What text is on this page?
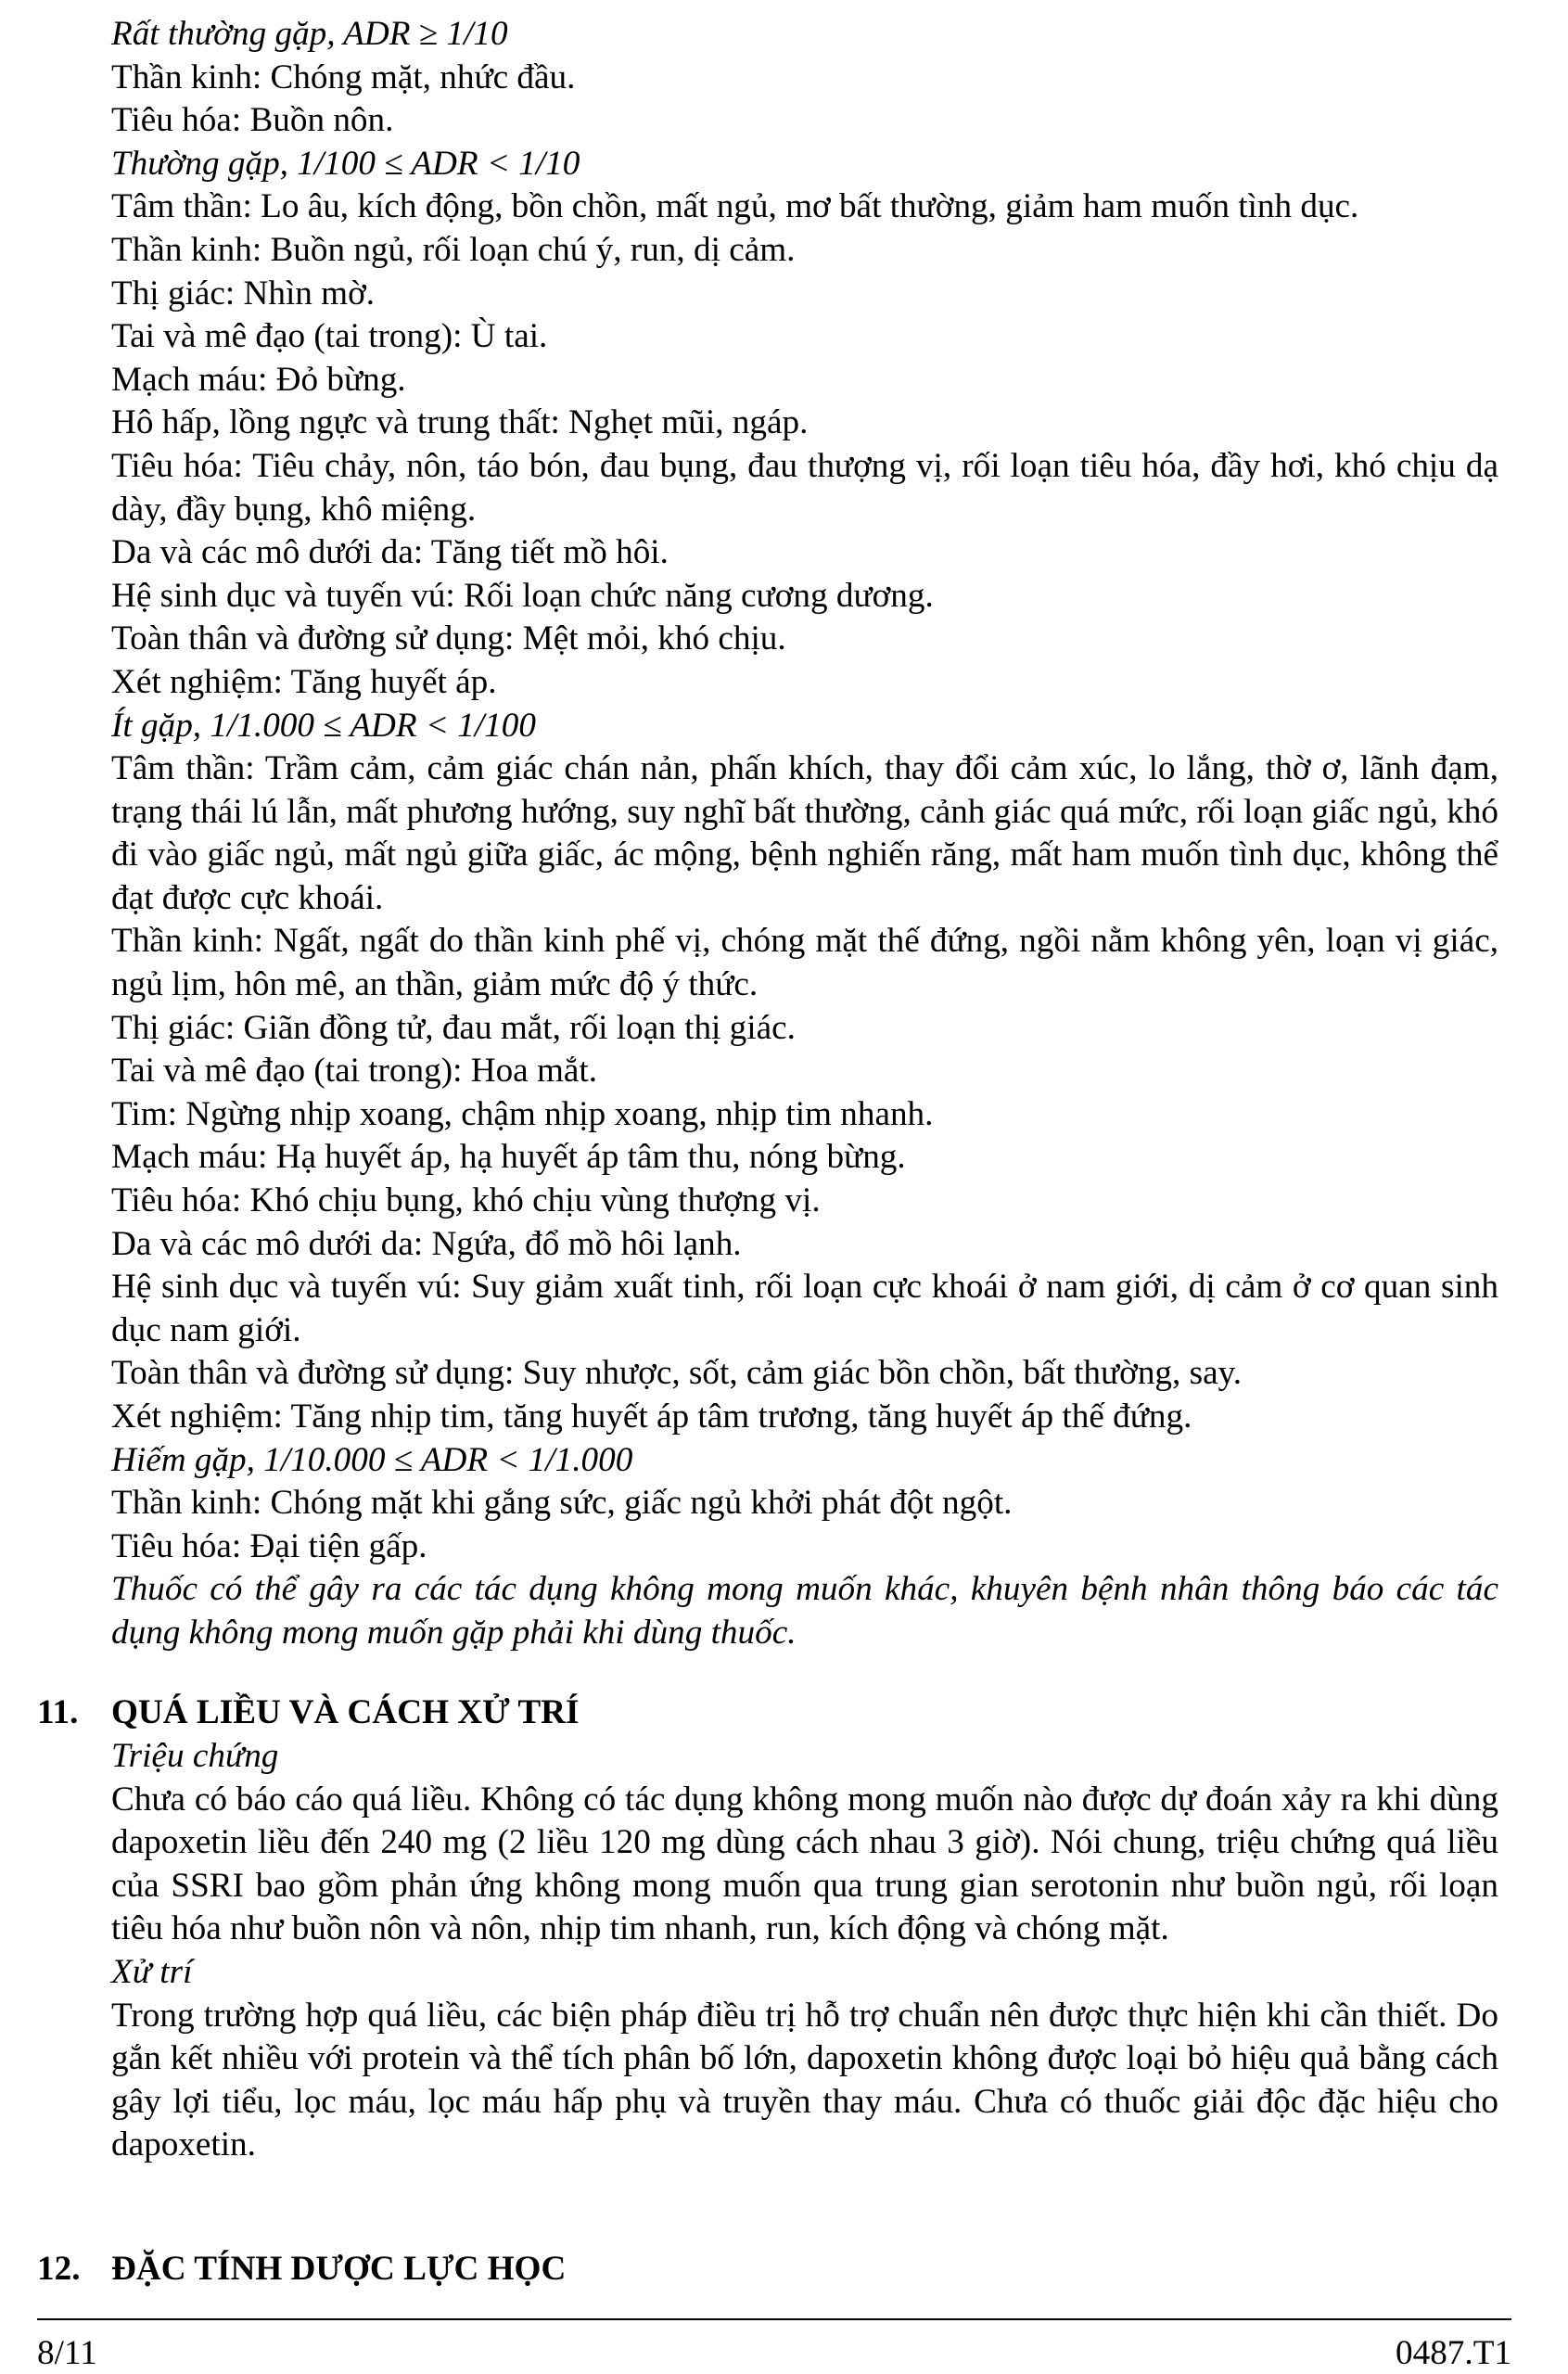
Rất thường gặp, ADR ≥ 1/10

Thần kinh: Chóng mặt, nhức đầu.

Tiêu hóa: Buồn nôn.

Thường gặp, 1/100 ≤ ADR < 1/10

Tâm thần: Lo âu, kích động, bồn chồn, mất ngủ, mơ bất thường, giảm ham muốn tình dục.

Thần kinh: Buồn ngủ, rối loạn chú ý, run, dị cảm.

Thị giác: Nhìn mờ.

Tai và mê đạo (tai trong): Ù tai.

Mạch máu: Đỏ bừng.

Hô hấp, lồng ngực và trung thất: Nghẹt mũi, ngáp.

Tiêu hóa: Tiêu chảy, nôn, táo bón, đau bụng, đau thượng vị, rối loạn tiêu hóa, đầy hơi, khó chịu dạ dày, đầy bụng, khô miệng.

Da và các mô dưới da: Tăng tiết mồ hôi.

Hệ sinh dục và tuyến vú: Rối loạn chức năng cương dương.

Toàn thân và đường sử dụng: Mệt mỏi, khó chịu.

Xét nghiệm: Tăng huyết áp.

Ít gặp, 1/1.000 ≤ ADR < 1/100

Tâm thần: Trầm cảm, cảm giác chán nản, phấn khích, thay đổi cảm xúc, lo lắng, thờ ơ, lãnh đạm, trạng thái lú lẫn, mất phương hướng, suy nghĩ bất thường, cảnh giác quá mức, rối loạn giấc ngủ, khó đi vào giấc ngủ, mất ngủ giữa giấc, ác mộng, bệnh nghiến răng, mất ham muốn tình dục, không thể đạt được cực khoái.

Thần kinh: Ngất, ngất do thần kinh phế vị, chóng mặt thế đứng, ngồi nằm không yên, loạn vị giác, ngủ lịm, hôn mê, an thần, giảm mức độ ý thức.

Thị giác: Giãn đồng tử, đau mắt, rối loạn thị giác.

Tai và mê đạo (tai trong): Hoa mắt.

Tim: Ngừng nhịp xoang, chậm nhịp xoang, nhịp tim nhanh.

Mạch máu: Hạ huyết áp, hạ huyết áp tâm thu, nóng bừng.

Tiêu hóa: Khó chịu bụng, khó chịu vùng thượng vị.

Da và các mô dưới da: Ngứa, đổ mồ hôi lạnh.

Hệ sinh dục và tuyến vú: Suy giảm xuất tinh, rối loạn cực khoái ở nam giới, dị cảm ở cơ quan sinh dục nam giới.

Toàn thân và đường sử dụng: Suy nhược, sốt, cảm giác bồn chồn, bất thường, say.

Xét nghiệm: Tăng nhịp tim, tăng huyết áp tâm trương, tăng huyết áp thế đứng.

Hiếm gặp, 1/10.000 ≤ ADR < 1/1.000

Thần kinh: Chóng mặt khi gắng sức, giấc ngủ khởi phát đột ngột.

Tiêu hóa: Đại tiện gấp.

Thuốc có thể gây ra các tác dụng không mong muốn khác, khuyên bệnh nhân thông báo các tác dụng không mong muốn gặp phải khi dùng thuốc.

11. QUÁ LIỀU VÀ CÁCH XỬ TRÍ

Triệu chứng

Chưa có báo cáo quá liều. Không có tác dụng không mong muốn nào được dự đoán xảy ra khi dùng dapoxetin liều đến 240 mg (2 liều 120 mg dùng cách nhau 3 giờ). Nói chung, triệu chứng quá liều của SSRI bao gồm phản ứng không mong muốn qua trung gian serotonin như buồn ngủ, rối loạn tiêu hóa như buồn nôn và nôn, nhịp tim nhanh, run, kích động và chóng mặt.

Xử trí

Trong trường hợp quá liều, các biện pháp điều trị hỗ trợ chuẩn nên được thực hiện khi cần thiết. Do gắn kết nhiều với protein và thể tích phân bố lớn, dapoxetin không được loại bỏ hiệu quả bằng cách gây lợi tiểu, lọc máu, lọc máu hấp phụ và truyền thay máu. Chưa có thuốc giải độc đặc hiệu cho dapoxetin.

12. ĐẶC TÍNH DƯỢC LỰC HỌC
8/11	0487.T1
